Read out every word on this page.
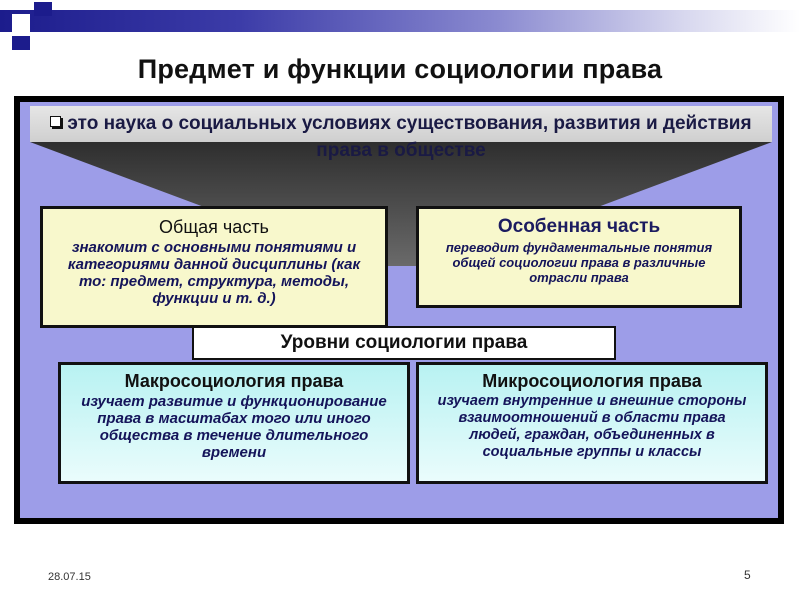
Предмет и функции социологии права
это наука о социальных условиях существования, развития и действия права в обществе
Общая часть
знакомит с основными понятиями и категориями данной дисциплины (как то: предмет, структура, методы, функции и т. д.)
Особенная часть
переводит фундаментальные понятия общей социологии права в различные отрасли права
Уровни социологии права
Макросоциология права
изучает развитие и функционирование права в масштабах того или иного общества в течение длительного времени
Микросоциология права
изучает внутренние и внешние стороны взаимоотношений в области права людей, граждан, объединенных в социальные группы и классы
28.07.15	5
